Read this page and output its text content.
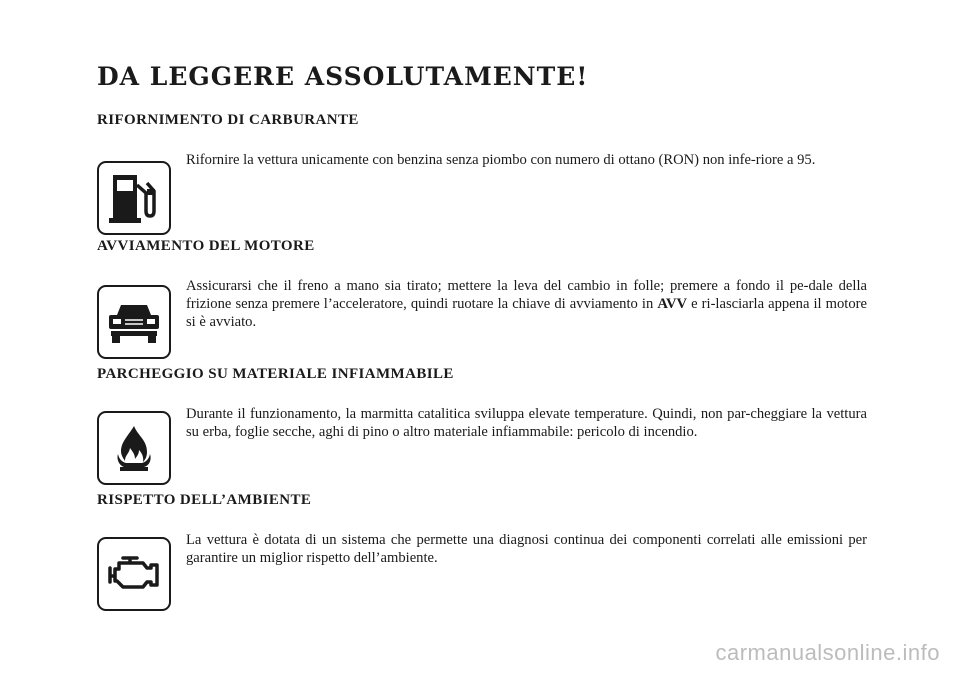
DA LEGGERE ASSOLUTAMENTE!
RIFORNIMENTO DI CARBURANTE

Rifornire la vettura unicamente con benzina senza piombo con numero di ottano (RON) non infe-riore a 95.

AVVIAMENTO DEL MOTORE

Assicurarsi che il freno a mano sia tirato; mettere la leva del cambio in folle; premere a fondo il pe-dale della frizione senza premere l’acceleratore, quindi ruotare la chiave di avviamento in AVV e ri-lasciarla appena il motore si è avviato.

PARCHEGGIO SU MATERIALE INFIAMMABILE

Durante il funzionamento, la marmitta catalitica sviluppa elevate temperature. Quindi, non par-cheggiare la vettura su erba, foglie secche, aghi di pino o altro materiale infiammabile: pericolo di incendio.

RISPETTO DELL’AMBIENTE

La vettura è dotata di un sistema che permette una diagnosi continua dei componenti correlati alle emissioni per garantire un miglior rispetto dell’ambiente.

carmanualsonline.info
